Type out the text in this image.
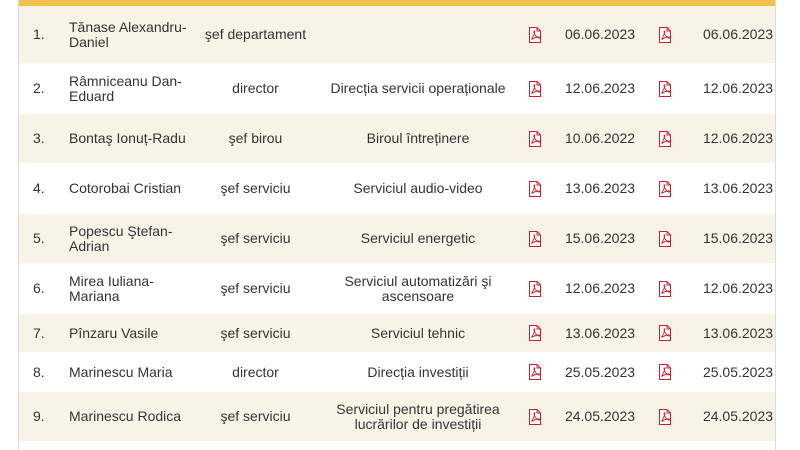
1.	Tănase Alexandru-Daniel	şef departament			06.06.2023		06.06.2023
2.	Râmniceanu Dan-Eduard	director	Direcția servicii operaționale		12.06.2023		12.06.2023
3.	Bontaş Ionuț-Radu	şef birou	Biroul întreținere		10.06.2022		12.06.2023
4.	Cotorobai Cristian	şef serviciu	Serviciul audio-video		13.06.2023		13.06.2023
5.	Popescu Ştefan-Adrian	şef serviciu	Serviciul energetic		15.06.2023		15.06.2023
6.	Mirea Iuliana-Mariana	şef serviciu	Serviciul automatizări şi ascensoare		12.06.2023		12.06.2023
7.	Pînzaru Vasile	şef serviciu	Serviciul tehnic		13.06.2023		13.06.2023
8.	Marinescu Maria	director	Direcția investiții		25.05.2023		25.05.2023
9.	Marinescu Rodica	şef serviciu	Serviciul pentru pregătirea lucrărilor de investiții		24.05.2023		24.05.2023
